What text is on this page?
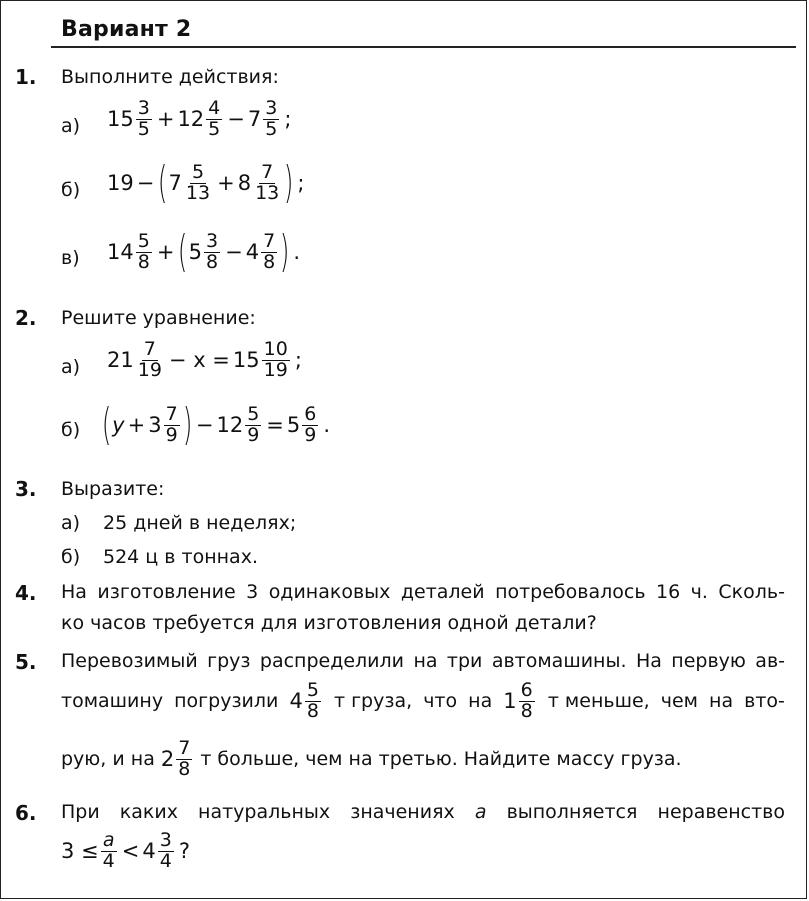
Вариант 2
1. Выполните действия:
а) $15 \frac{3}{5} + 12 \frac{4}{5} - 7 \frac{3}{5}$ ;
б) 19 − ( $7 \frac{5}{13} + 8 \frac{7}{13}$ ) ;
в) $14 \frac{5}{8}$ + ( $5 \frac{3}{8} - 4 \frac{7}{8}$ ) .
2. Решите уравнение:
а) $21 \frac{7}{19} - x = 15 \frac{10}{19}$ ;
б) ( $y + 3 \frac{7}{9}$ ) − $12 \frac{5}{9} = 5 \frac{6}{9}$ .
3. Выразите:
а) 25 дней в неделях;
б) 524 ц в тоннах.
4. На изготовление 3 одинаковых деталей потребовалось 16 ч. Сколь-
ко часов требуется для изготовления одной детали?
5. Перевозимый груз распределили на три автомашины. На первую ав-
томашину погрузили $4 \frac{5}{8}$ т груза, что на $1 \frac{6}{8}$ т меньше, чем на вто-
рую, и на $2 \frac{7}{8}$ т больше, чем на третью. Найдите массу груза.
6. При каких натуральных значениях a выполняется неравенство
$3 \le \frac{a}{4} < 4 \frac{3}{4}$ ?
